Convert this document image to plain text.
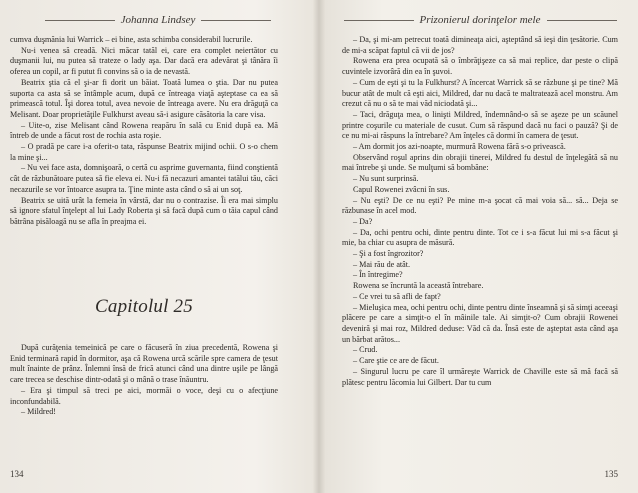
Johanna Lindsey

cumva duşmănia lui Warrick – ei bine, asta schimba considerabil lucrurile.

Nu-i venea să creadă. Nici măcar tatăl ei, care era complet neiertător cu duşmanii lui, nu putea să trateze o lady aşa. Dar dacă era adevărat şi tânăra îi oferea un copil, ar fi putut fi convins să o ia de nevastă.

Beatrix ştia că el şi-ar fi dorit un băiat. Toată lumea o ştia. Dar nu putea suporta ca asta să se întâmple acum, după ce întreaga viaţă aşteptase ca ea să primească totul. Îşi dorea totul, avea nevoie de întreaga avere. Nu era drăguţă ca Melisant. Doar proprietăţile Fulkhurst aveau să-i asigure căsătoria la care visa.

– Uite-o, zise Melisant când Rowena reapăru în sală cu Enid după ea. Mă întreb de unde a făcut rost de rochia asta roşie.

– O pradă pe care i-a oferit-o tata, răspunse Beatrix mijind ochii. O s-o chem la mine şi...

– Nu vei face asta, domnişoară, o certă cu asprime guvernanta, fiind conştientă cât de răzbunătoare putea să fie eleva ei. Nu-i fă necazuri amantei tatălui tău, căci necazurile se vor întoarce asupra ta. Ţine minte asta când o să ai un soţ.

Beatrix se uită urât la femeia în vârstă, dar nu o contrazise. Îi era mai simplu să ignore sfatul înţelept al lui Lady Roberta şi să facă după cum o tăia capul când bătrâna pisăloagă nu se afla în preajma ei.

Capitolul 25

După curăţenia temeinică pe care o făcuseră în ziua precedentă, Rowena şi Enid terminară rapid în dormitor, aşa că Rowena urcă scările spre camera de ţesut mult înainte de prânz. Înlemni însă de frică atunci când una dintre uşile pe lângă care trecea se deschise dintr-odată şi o mână o trase înăuntru.

– Era şi timpul să treci pe aici, mormăi o voce, deşi cu o afecţiune inconfundabilă.

– Mildred!

134
Prizonierul dorinţelor mele

– Da, şi mi-am petrecut toată dimineaţa aici, aşteptând să ieşi din ţesătorie. Cum de mi-a scăpat faptul că vii de jos?

Rowena era prea ocupată să o îmbrăţişeze ca să mai replice, dar peste o clipă cuvintele izvorâră din ea în şuvoi.

– Cum de eşti şi tu la Fulkhurst? A încercat Warrick să se răzbune şi pe tine? Mă bucur atât de mult că eşti aici, Mildred, dar nu dacă te maltratează acel monstru. Am crezut că nu o să te mai văd niciodată şi...

– Taci, drăguţa mea, o linişti Mildred, îndemnând-o să se aşeze pe un scăunel printre coşurile cu materiale de cusut. Cum să răspund dacă nu faci o pauză? Şi de ce nu mi-ai răspuns la întrebare? Am înţeles că dormi în camera de ţesut.

– Am dormit jos azi-noapte, murmură Rowena fără s-o privească.

Observând roşul aprins din obrajii tinerei, Mildred fu destul de înţelegătă să nu mai întrebe şi unde. Se mulţumi să bombăne:

– Nu sunt surprinsă.

Capul Rowenei zvâcni în sus.

– Nu eşti? De ce nu eşti? Pe mine m-a şocat că mai voia să... să... Deja se răzbunase în acel mod.

– Da?

– Da, ochi pentru ochi, dinte pentru dinte. Tot ce i s-a făcut lui mi s-a făcut şi mie, ba chiar cu asupra de măsură.

– Şi a fost îngrozitor?

– Mai rău de atât.

– În întregime?

Rowena se încruntă la această întrebare.

– Ce vrei tu să afli de fapt?

– Mieluşica mea, ochi pentru ochi, dinte pentru dinte înseamnă şi să simţi aceeaşi plăcere pe care a simţit-o el în mâinile tale. Ai simţit-o? Cum obrajii Rowenei deveniră şi mai roz, Mildred deduse: Văd că da. Însă este de aşteptat asta când aşa un bărbat arătos...

– Crud.

– Care ştie ce are de făcut.

– Singurul lucru pe care îl urmăreşte Warrick de Chaville este să mă facă să plătesc pentru lăcomia lui Gilbert. Dar tu cum

135
